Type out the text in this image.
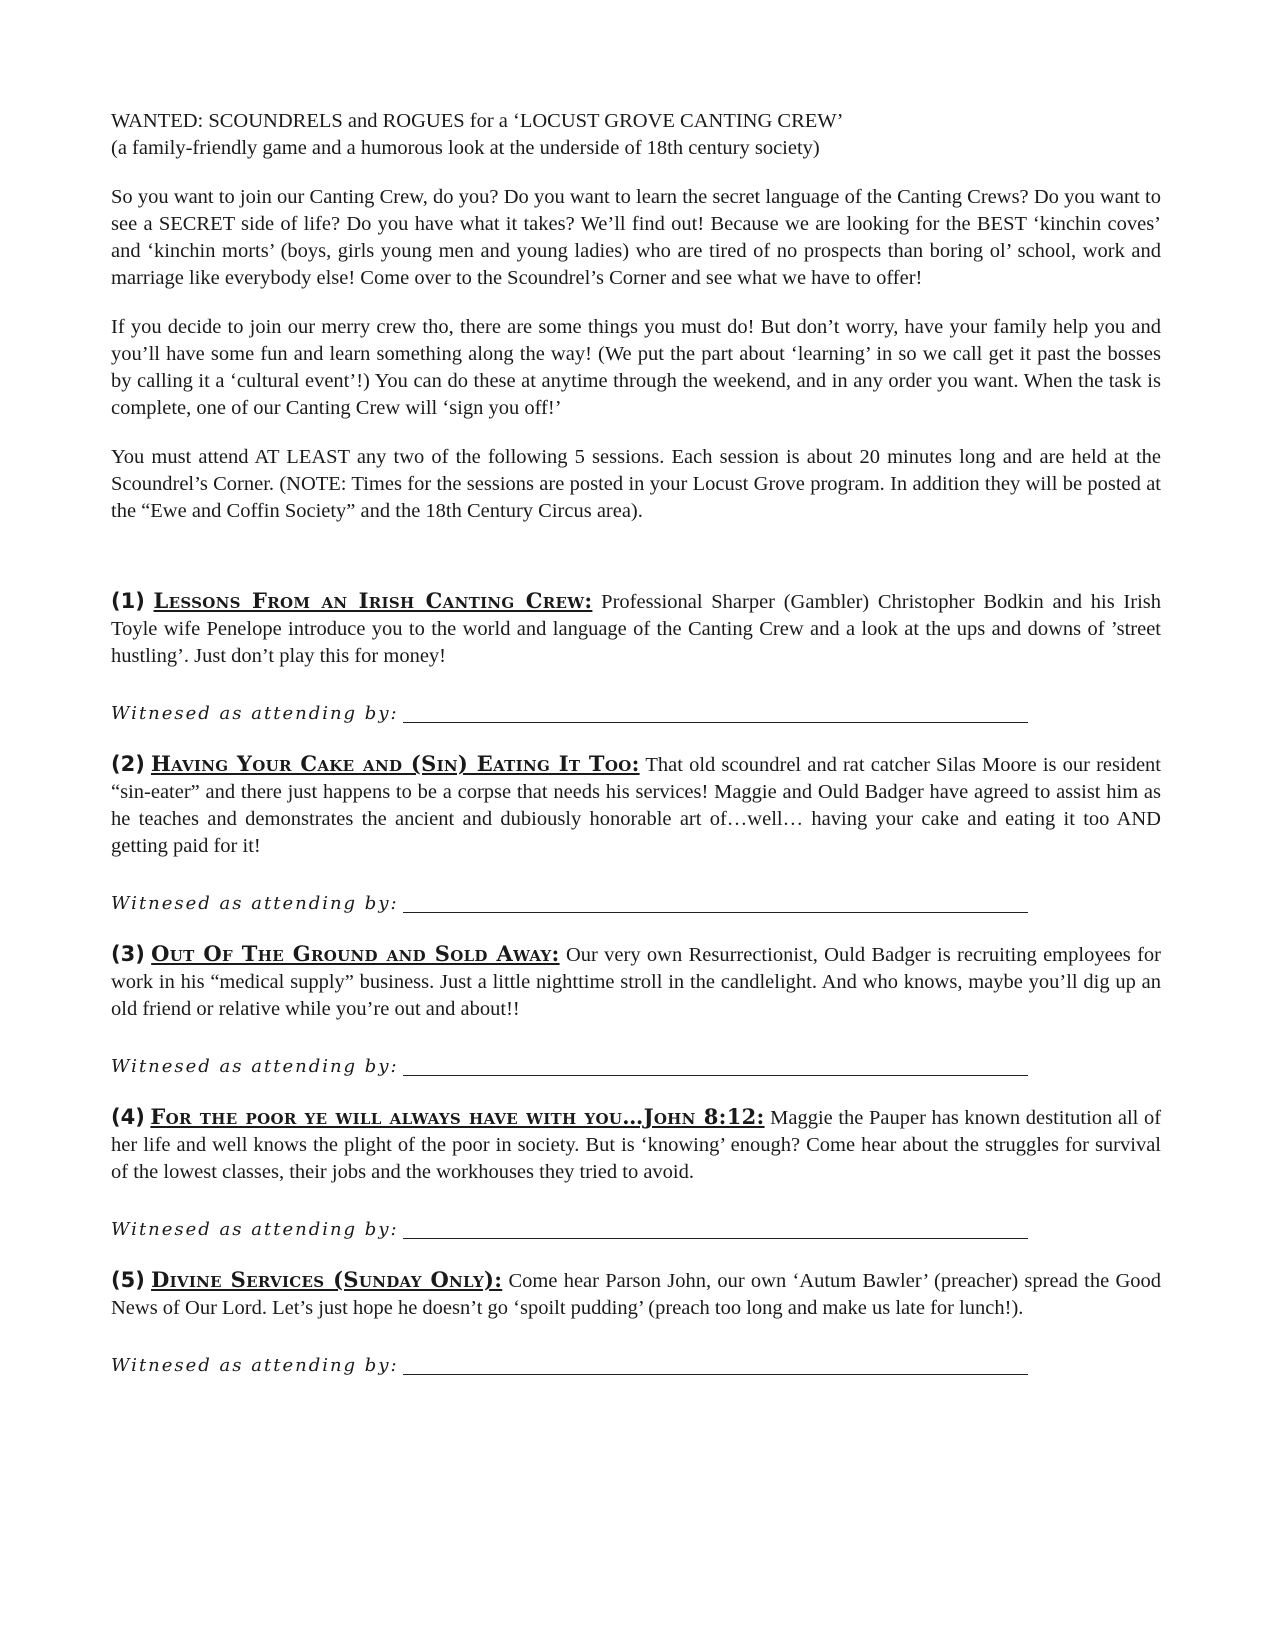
WANTED: SCOUNDRELS and ROGUES for a ‘LOCUST GROVE CANTING CREW’

(a family-friendly game and a humorous look at the underside of 18th century society)

So you want to join our Canting Crew, do you? Do you want to learn the secret language of the Canting Crews? Do you want to see a SECRET side of life? Do you have what it takes? We’ll find out! Because we are looking for the BEST ‘kinchin coves’ and ‘kinchin morts’ (boys, girls young men and young ladies) who are tired of no prospects than boring ol’ school, work and marriage like everybody else! Come over to the Scoundrel’s Corner and see what we have to offer!

If you decide to join our merry crew tho, there are some things you must do! But don’t worry, have your family help you and you’ll have some fun and learn something along the way! (We put the part about ‘learning’ in so we call get it past the bosses by calling it a ‘cultural event’!) You can do these at anytime through the weekend, and in any order you want. When the task is complete, one of our Canting Crew will ‘sign you off!’

You must attend AT LEAST any two of the following 5 sessions. Each session is about 20 minutes long and are held at the Scoundrel’s Corner. (NOTE: Times for the sessions are posted in your Locust Grove program. In addition they will be posted at the “Ewe and Coffin Society” and the 18th Century Circus area).

(1) Lessons From an Irish Canting Crew: Professional Sharper (Gambler) Christopher Bodkin and his Irish Toyle wife Penelope introduce you to the world and language of the Canting Crew and a look at the ups and downs of ’street hustling’. Just don’t play this for money!

Witnesed as attending by:

(2) Having Your Cake and (Sin) Eating It Too: That old scoundrel and rat catcher Silas Moore is our resident “sin-eater” and there just happens to be a corpse that needs his services! Maggie and Ould Badger have agreed to assist him as he teaches and demonstrates the ancient and dubiously honorable art of…well… having your cake and eating it too AND getting paid for it!

Witnesed as attending by:

(3) Out Of The Ground and Sold Away: Our very own Resurrectionist, Ould Badger is recruiting employees for work in his “medical supply” business. Just a little nighttime stroll in the candlelight. And who knows, maybe you’ll dig up an old friend or relative while you’re out and about!!

Witnesed as attending by:

(4) For the poor ye will always have with you…John 8:12: Maggie the Pauper has known destitution all of her life and well knows the plight of the poor in society. But is ‘knowing’ enough? Come hear about the struggles for survival of the lowest classes, their jobs and the workhouses they tried to avoid.

Witnesed as attending by:

(5) Divine Services (Sunday Only): Come hear Parson John, our own ‘Autum Bawler’ (preacher) spread the Good News of Our Lord. Let’s just hope he doesn’t go ‘spoilt pudding’ (preach too long and make us late for lunch!).

Witnesed as attending by:
